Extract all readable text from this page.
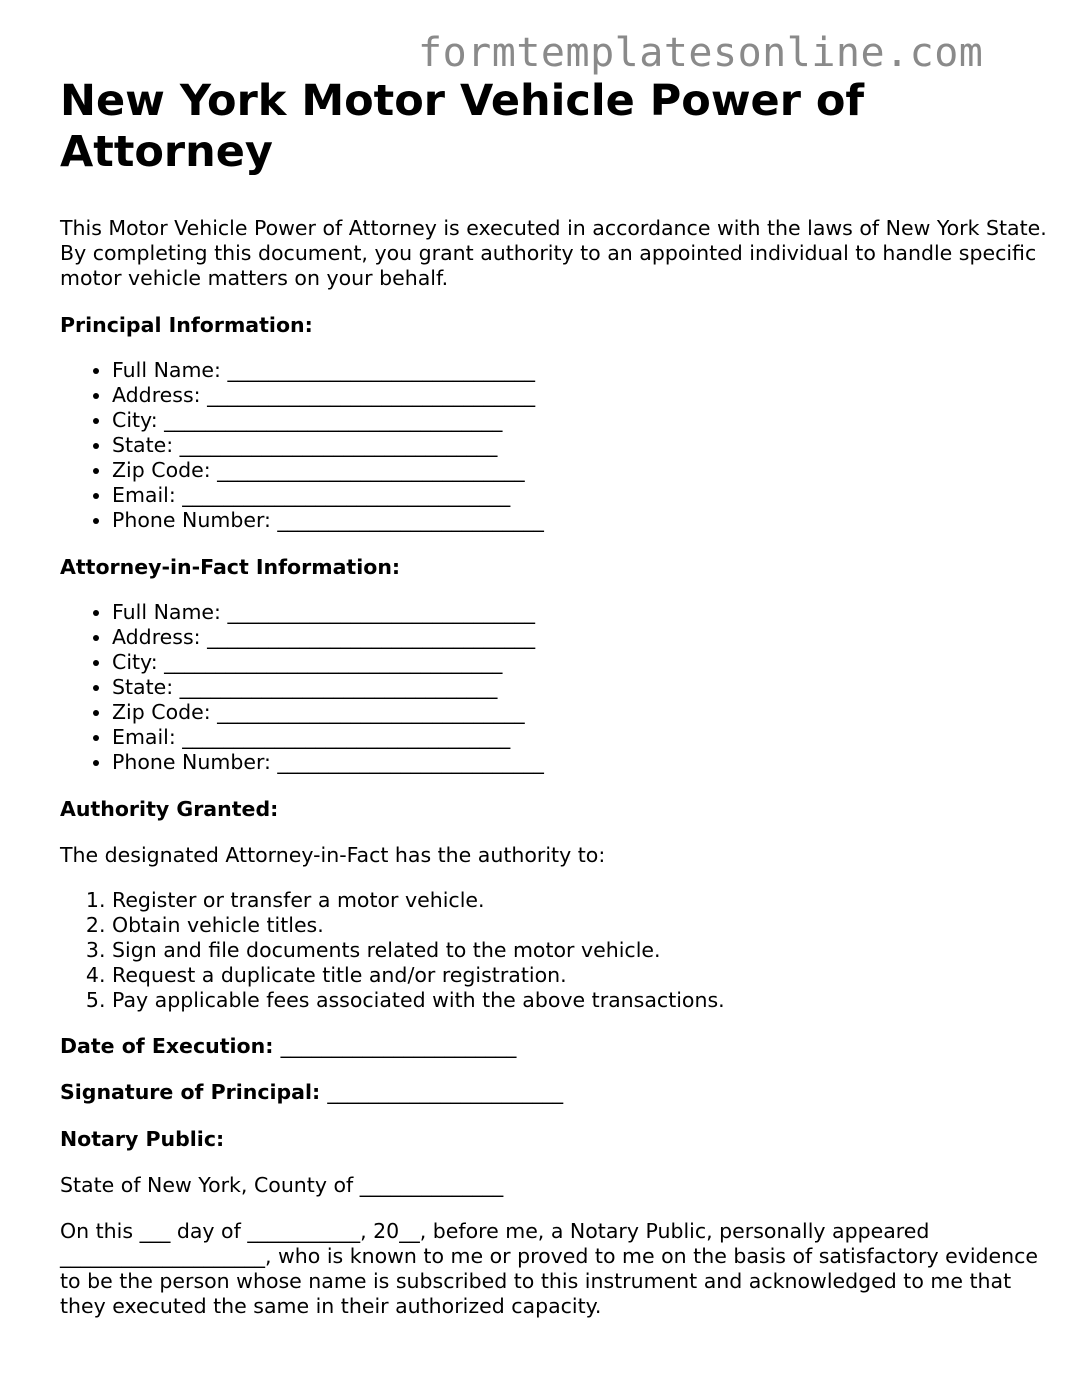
formtemplatesonline.com
New York Motor Vehicle Power of Attorney

This Motor Vehicle Power of Attorney is executed in accordance with the laws of New York State. By completing this document, you grant authority to an appointed individual to handle specific motor vehicle matters on your behalf.

Principal Information:

• Full Name: ______________________________
• Address: ________________________________
• City: _________________________________
• State: _______________________________
• Zip Code: ______________________________
• Email: ________________________________
• Phone Number: __________________________

Attorney-in-Fact Information:

• Full Name: ______________________________
• Address: ________________________________
• City: _________________________________
• State: _______________________________
• Zip Code: ______________________________
• Email: ________________________________
• Phone Number: __________________________

Authority Granted:

The designated Attorney-in-Fact has the authority to:

1. Register or transfer a motor vehicle.
2. Obtain vehicle titles.
3. Sign and file documents related to the motor vehicle.
4. Request a duplicate title and/or registration.
5. Pay applicable fees associated with the above transactions.

Date of Execution: _______________________

Signature of Principal: _______________________

Notary Public:

State of New York, County of ______________

On this ___ day of ___________, 20__, before me, a Notary Public, personally appeared ____________________, who is known to me or proved to me on the basis of satisfactory evidence to be the person whose name is subscribed to this instrument and acknowledged to me that they executed the same in their authorized capacity.
